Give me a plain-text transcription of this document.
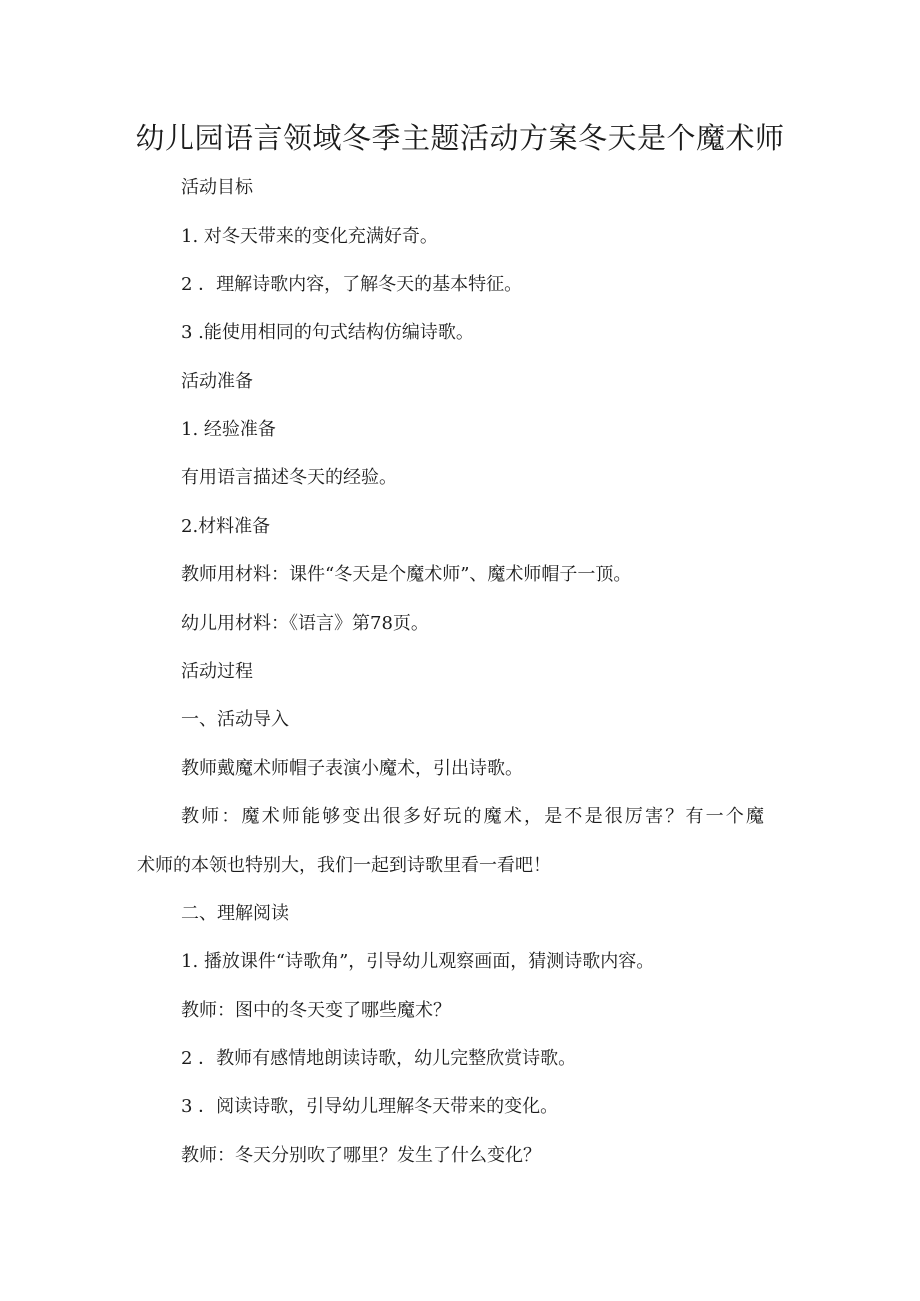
幼儿园语言领域冬季主题活动方案冬天是个魔术师
活动目标
1. 对冬天带来的变化充满好奇。
2 ．理解诗歌内容，了解冬天的基本特征。
3 .能使用相同的句式结构仿编诗歌。
活动准备
1. 经验准备
有用语言描述冬天的经验。
2.材料准备
教师用材料：课件“冬天是个魔术师”、魔术师帽子一顶。
幼儿用材料：《语言》第78页。
活动过程
一、活动导入
教师戴魔术师帽子表演小魔术，引出诗歌。
教师：魔术师能够变出很多好玩的魔术，是不是很厉害？有一个魔
术师的本领也特别大，我们一起到诗歌里看一看吧！
二、理解阅读
1. 播放课件“诗歌角”，引导幼儿观察画面，猜测诗歌内容。
教师：图中的冬天变了哪些魔术？
2 ．教师有感情地朗读诗歌，幼儿完整欣赏诗歌。
3 ．阅读诗歌，引导幼儿理解冬天带来的变化。
教师：冬天分别吹了哪里？发生了什么变化？
